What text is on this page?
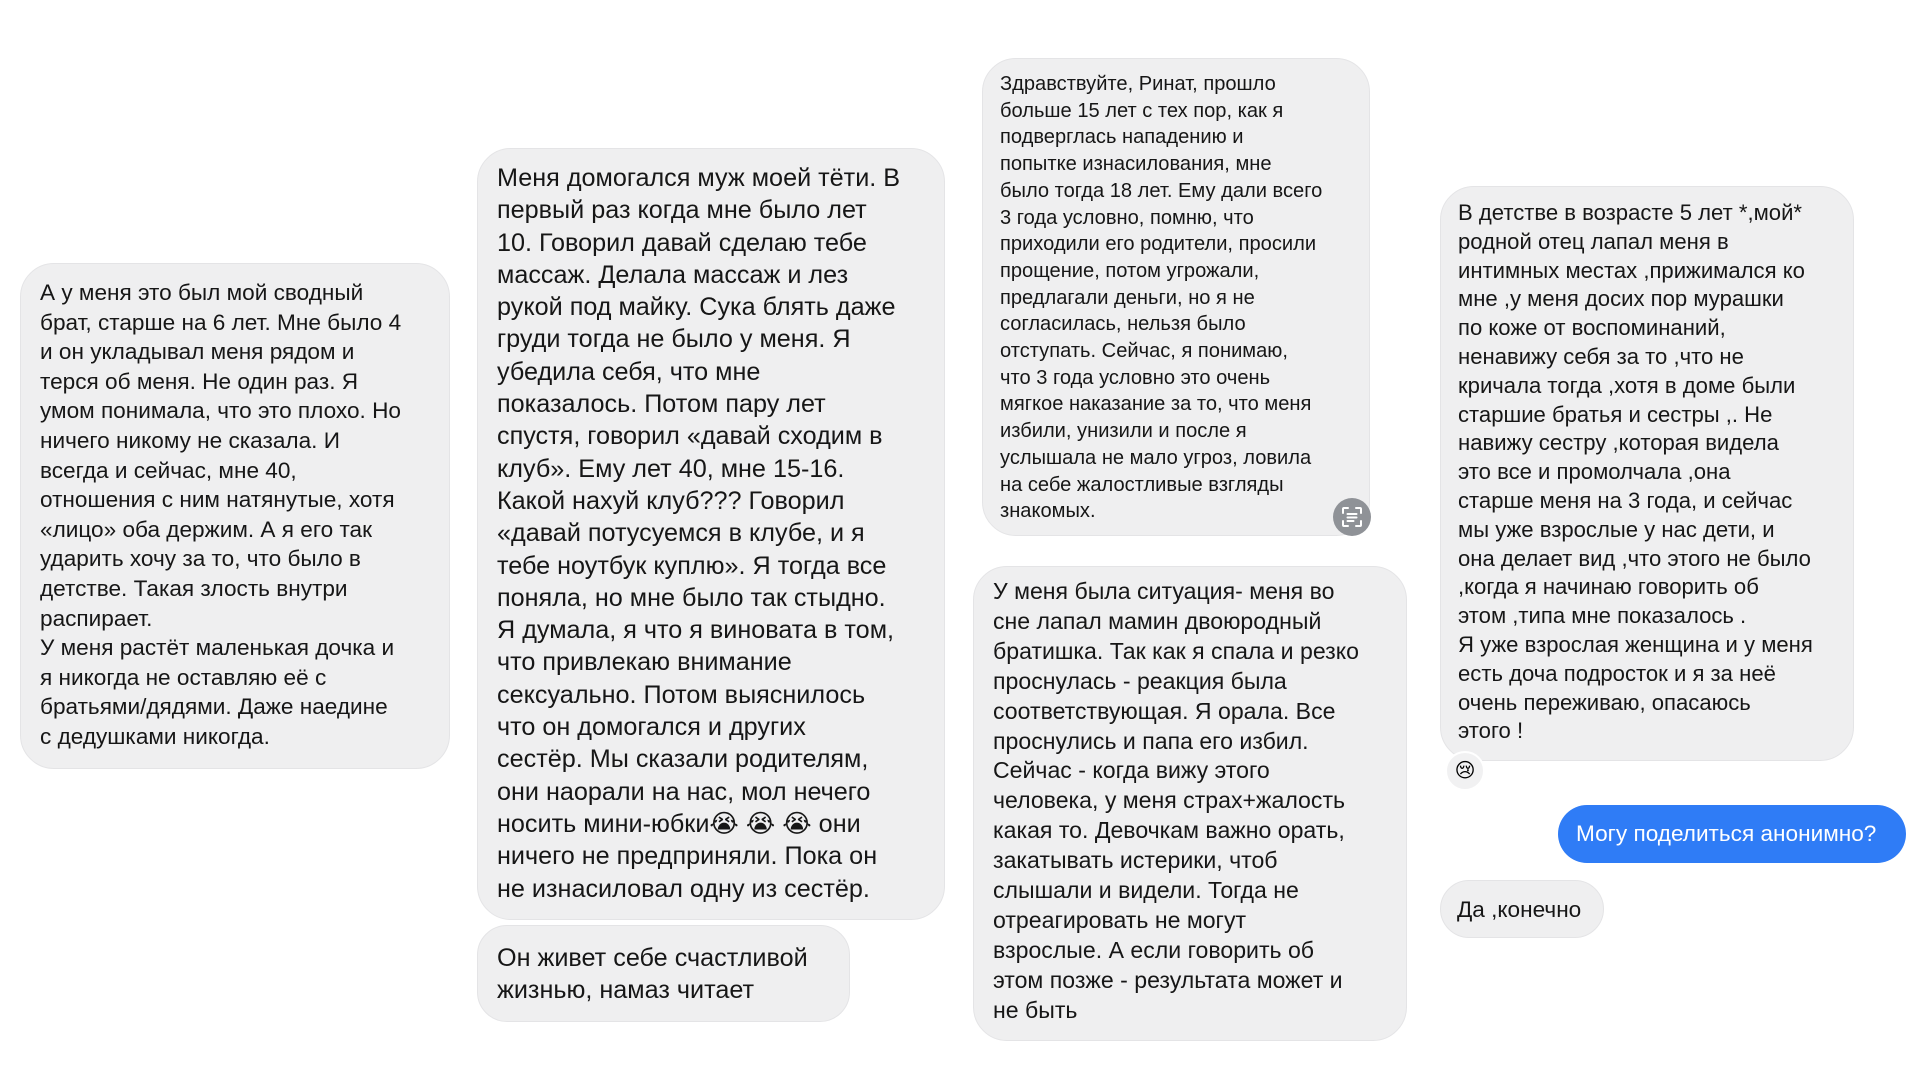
А у меня это был мой сводный
брат, старше на 6 лет. Мне было 4
и он укладывал меня рядом и
терся об меня. Не один раз. Я
умом понимала, что это плохо. Но
ничего никому не сказала. И
всегда и сейчас, мне 40,
отношения с ним натянутые, хотя
«лицо» оба держим. А я его так
ударить хочу за то, что было в
детстве. Такая злость внутри
распирает.
У меня растёт маленькая дочка и
я никогда не оставляю её с
братьями/дядями. Даже наедине
с дедушками никогда.
Меня домогался муж моей тёти. В
первый раз когда мне было лет
10. Говорил давай сделаю тебе
массаж. Делала массаж и лез
рукой под майку. Сука блять даже
груди тогда не было у меня. Я
убедила себя, что мне
показалось. Потом пару лет
спустя, говорил «давай сходим в
клуб». Ему лет 40, мне 15-16.
Какой нахуй клуб??? Говорил
«давай потусуемся в клубе, и я
тебе ноутбук куплю». Я тогда все
поняла, но мне было так стыдно.
Я думала, я что я виновата в том,
что привлекаю внимание
сексуально. Потом выяснилось
что он домогался и других
сестёр. Мы сказали родителям,
они наорали на нас, мол нечего
носить мини-юбки😭 😭 😭 они
ничего не предприняли. Пока он
не изнасиловал одну из сестёр.
Он живет себе счастливой
жизнью, намаз читает
Здравствуйте, Ринат, прошло
больше 15 лет с тех пор, как я
подверглась нападению и
попытке изнасилования, мне
было тогда 18 лет. Ему дали всего
3 года условно, помню, что
приходили его родители, просили
прощение, потом угрожали,
предлагали деньги, но я не
согласилась, нельзя было
отступать. Сейчас, я понимаю,
что 3 года условно это очень
мягкое наказание за то, что меня
избили, унизили и после я
услышала не мало угроз, ловила
на себе жалостливые взгляды
знакомых.
У меня была ситуация- меня во
сне лапал мамин двоюродный
братишка. Так как я спала и резко
проснулась - реакция была
соответствующая. Я орала. Все
проснулись и папа его избил.
Сейчас - когда вижу этого
человека, у меня страх+жалость
какая то. Девочкам важно орать,
закатывать истерики, чтоб
слышали и видели. Тогда не
отреагировать не могут
взрослые. А если говорить об
этом позже - результата может и
не быть
В детстве в возрасте 5 лет *,мой*
родной отец лапал меня в
интимных местах ,прижимался ко
мне ,у меня досих пор мурашки
по коже от воспоминаний,
ненавижу себя за то ,что не
кричала тогда ,хотя в доме были
старшие братья и сестры ,. Не
навижу сестру ,которая видела
это все и промолчала ,она
старше меня на 3 года, и сейчас
мы уже взрослые у нас дети, и
она делает вид ,что этого не было
,когда я начинаю говорить об
этом ,типа мне показалось .
Я уже взрослая женщина и у меня
есть доча подросток и я за неё
очень переживаю, опасаюсь
этого !
😢
Могу поделиться анонимно?
Да ,конечно
